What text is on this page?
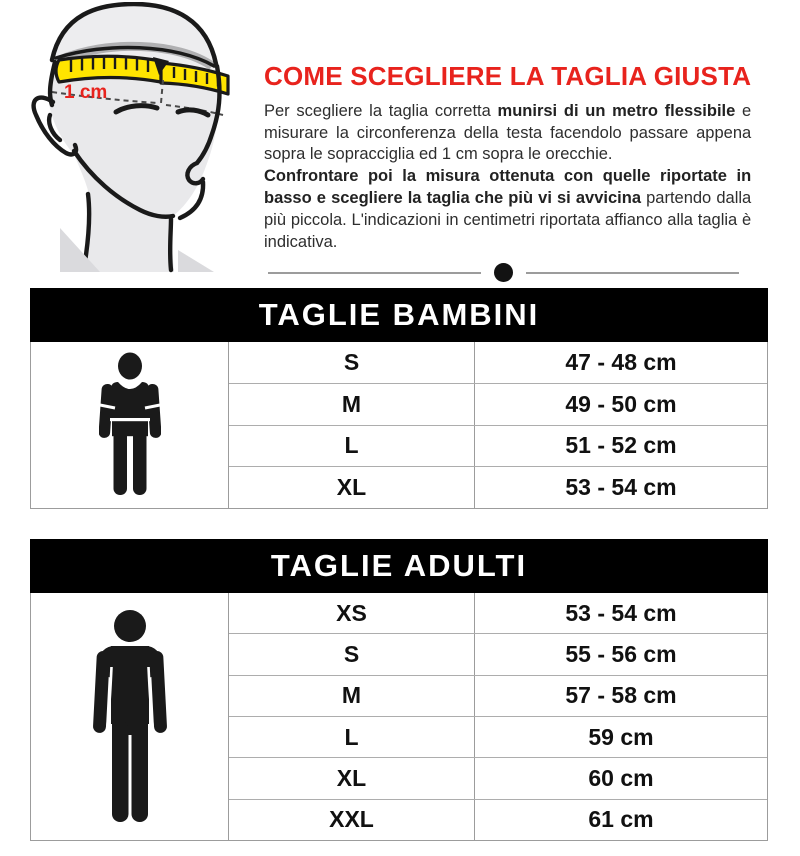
1 cm
COME SCEGLIERE LA TAGLIA GIUSTA

Per scegliere la taglia corretta munirsi di un metro flessibile e misurare la circonferenza della testa facendolo passare appena sopra le sopracciglia ed 1 cm sopra le orecchie.

Confrontare poi la misura ottenuta con quelle riportate in basso e scegliere la taglia che più vi si avvicina partendo dalla più piccola. L'indicazioni in centimetri riportata affianco alla taglia è indicativa.

TAGLIE BAMBINI
S	47 - 48 cm
M	49 - 50 cm
L	51 - 52 cm
XL	53 - 54 cm
TAGLIE ADULTI
XS	53 - 54 cm
S	55 - 56 cm
M	57 - 58 cm
L	59 cm
XL	60 cm
XXL	61 cm
